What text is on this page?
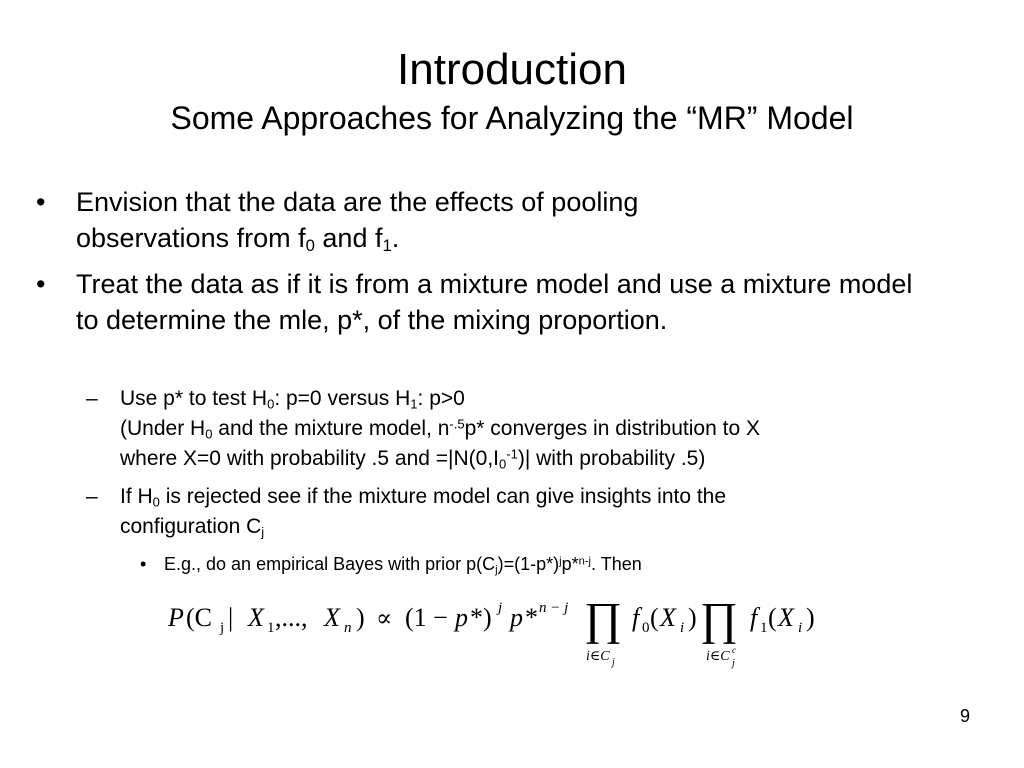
Introduction
Some Approaches for Analyzing the “MR” Model
• Envision that the data are the effects of pooling
observations from $f_0$ and $f_1$.
• Treat the data as if it is from a mixture model and use a mixture model to determine the mle, p*, of the mixing proportion.
– Use p* to test $H_0$: p=0 versus $H_1$: p>0
(Under $H_0$ and the mixture model, $n^{-.5}p*$ converges in distribution to X
where X=0 with probability .5 and $=|N(0,I_0^{-1})|$ with probability .5)
– If $H_0$ is rejected see if the mixture model can give insights into the
configuration $C_j$
• E.g., do an empirical Bayes with prior $p(C_j)=(1-p*)^jp*^{n-j}$. Then
P (C j | X 1 ,..., X n ) ∝ (1 − p *) j p * n − j ∏
i∈C j
f 0 ( X i ) ∏
i∈C c
j
f 1 ( X i )
9
